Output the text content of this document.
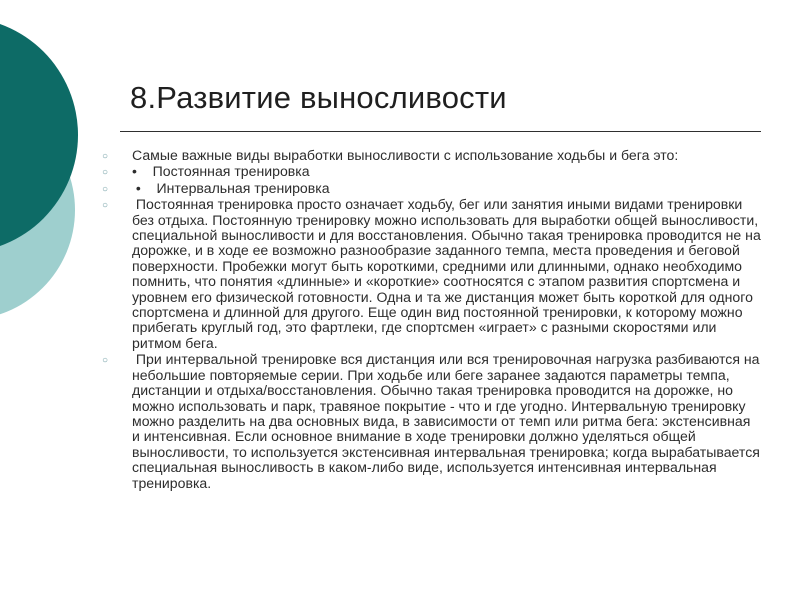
8.Развитие выносливости
○ Самые важные виды выработки выносливости с использование ходьбы и бега это:
○ •    Постоянная тренировка
○ •    Интервальная тренировка
○ Постоянная тренировка просто означает ходьбу, бег или занятия иными видами тренировки без отдыха. Постоянную тренировку можно использовать для выработки общей выносливости, специальной выносливости и для восстановления. Обычно такая тренировка проводится не на дорожке, и в ходе ее возможно разнообразие заданного темпа, места проведения и беговой поверхности. Пробежки могут быть короткими, средними или длинными, однако необходимо помнить, что понятия «длинные» и «короткие» соотносятся с этапом развития спортсмена и уровнем его физической готовности. Одна и та же дистанция может быть короткой для одного спортсмена и длинной для другого. Еще один вид постоянной тренировки, к которому можно прибегать круглый год, это фартлеки, где спортсмен «играет» с разными скоростями или ритмом бега.
○ При интервальной тренировке вся дистанция или вся тренировочная нагрузка разбиваются на небольшие повторяемые серии. При ходьбе или беге заранее задаются параметры темпа, дистанции и отдыха/восстановления. Обычно такая тренировка проводится на дорожке, но можно использовать и парк, травяное покрытие - что и где угодно. Интервальную тренировку можно разделить на два основных вида, в зависимости от темп или ритма бега: экстенсивная и интенсивная. Если основное внимание в ходе тренировки должно уделяться общей выносливости, то используется экстенсивная интервальная тренировка; когда вырабатывается специальная выносливость в каком-либо виде, используется интенсивная интервальная тренировка.
